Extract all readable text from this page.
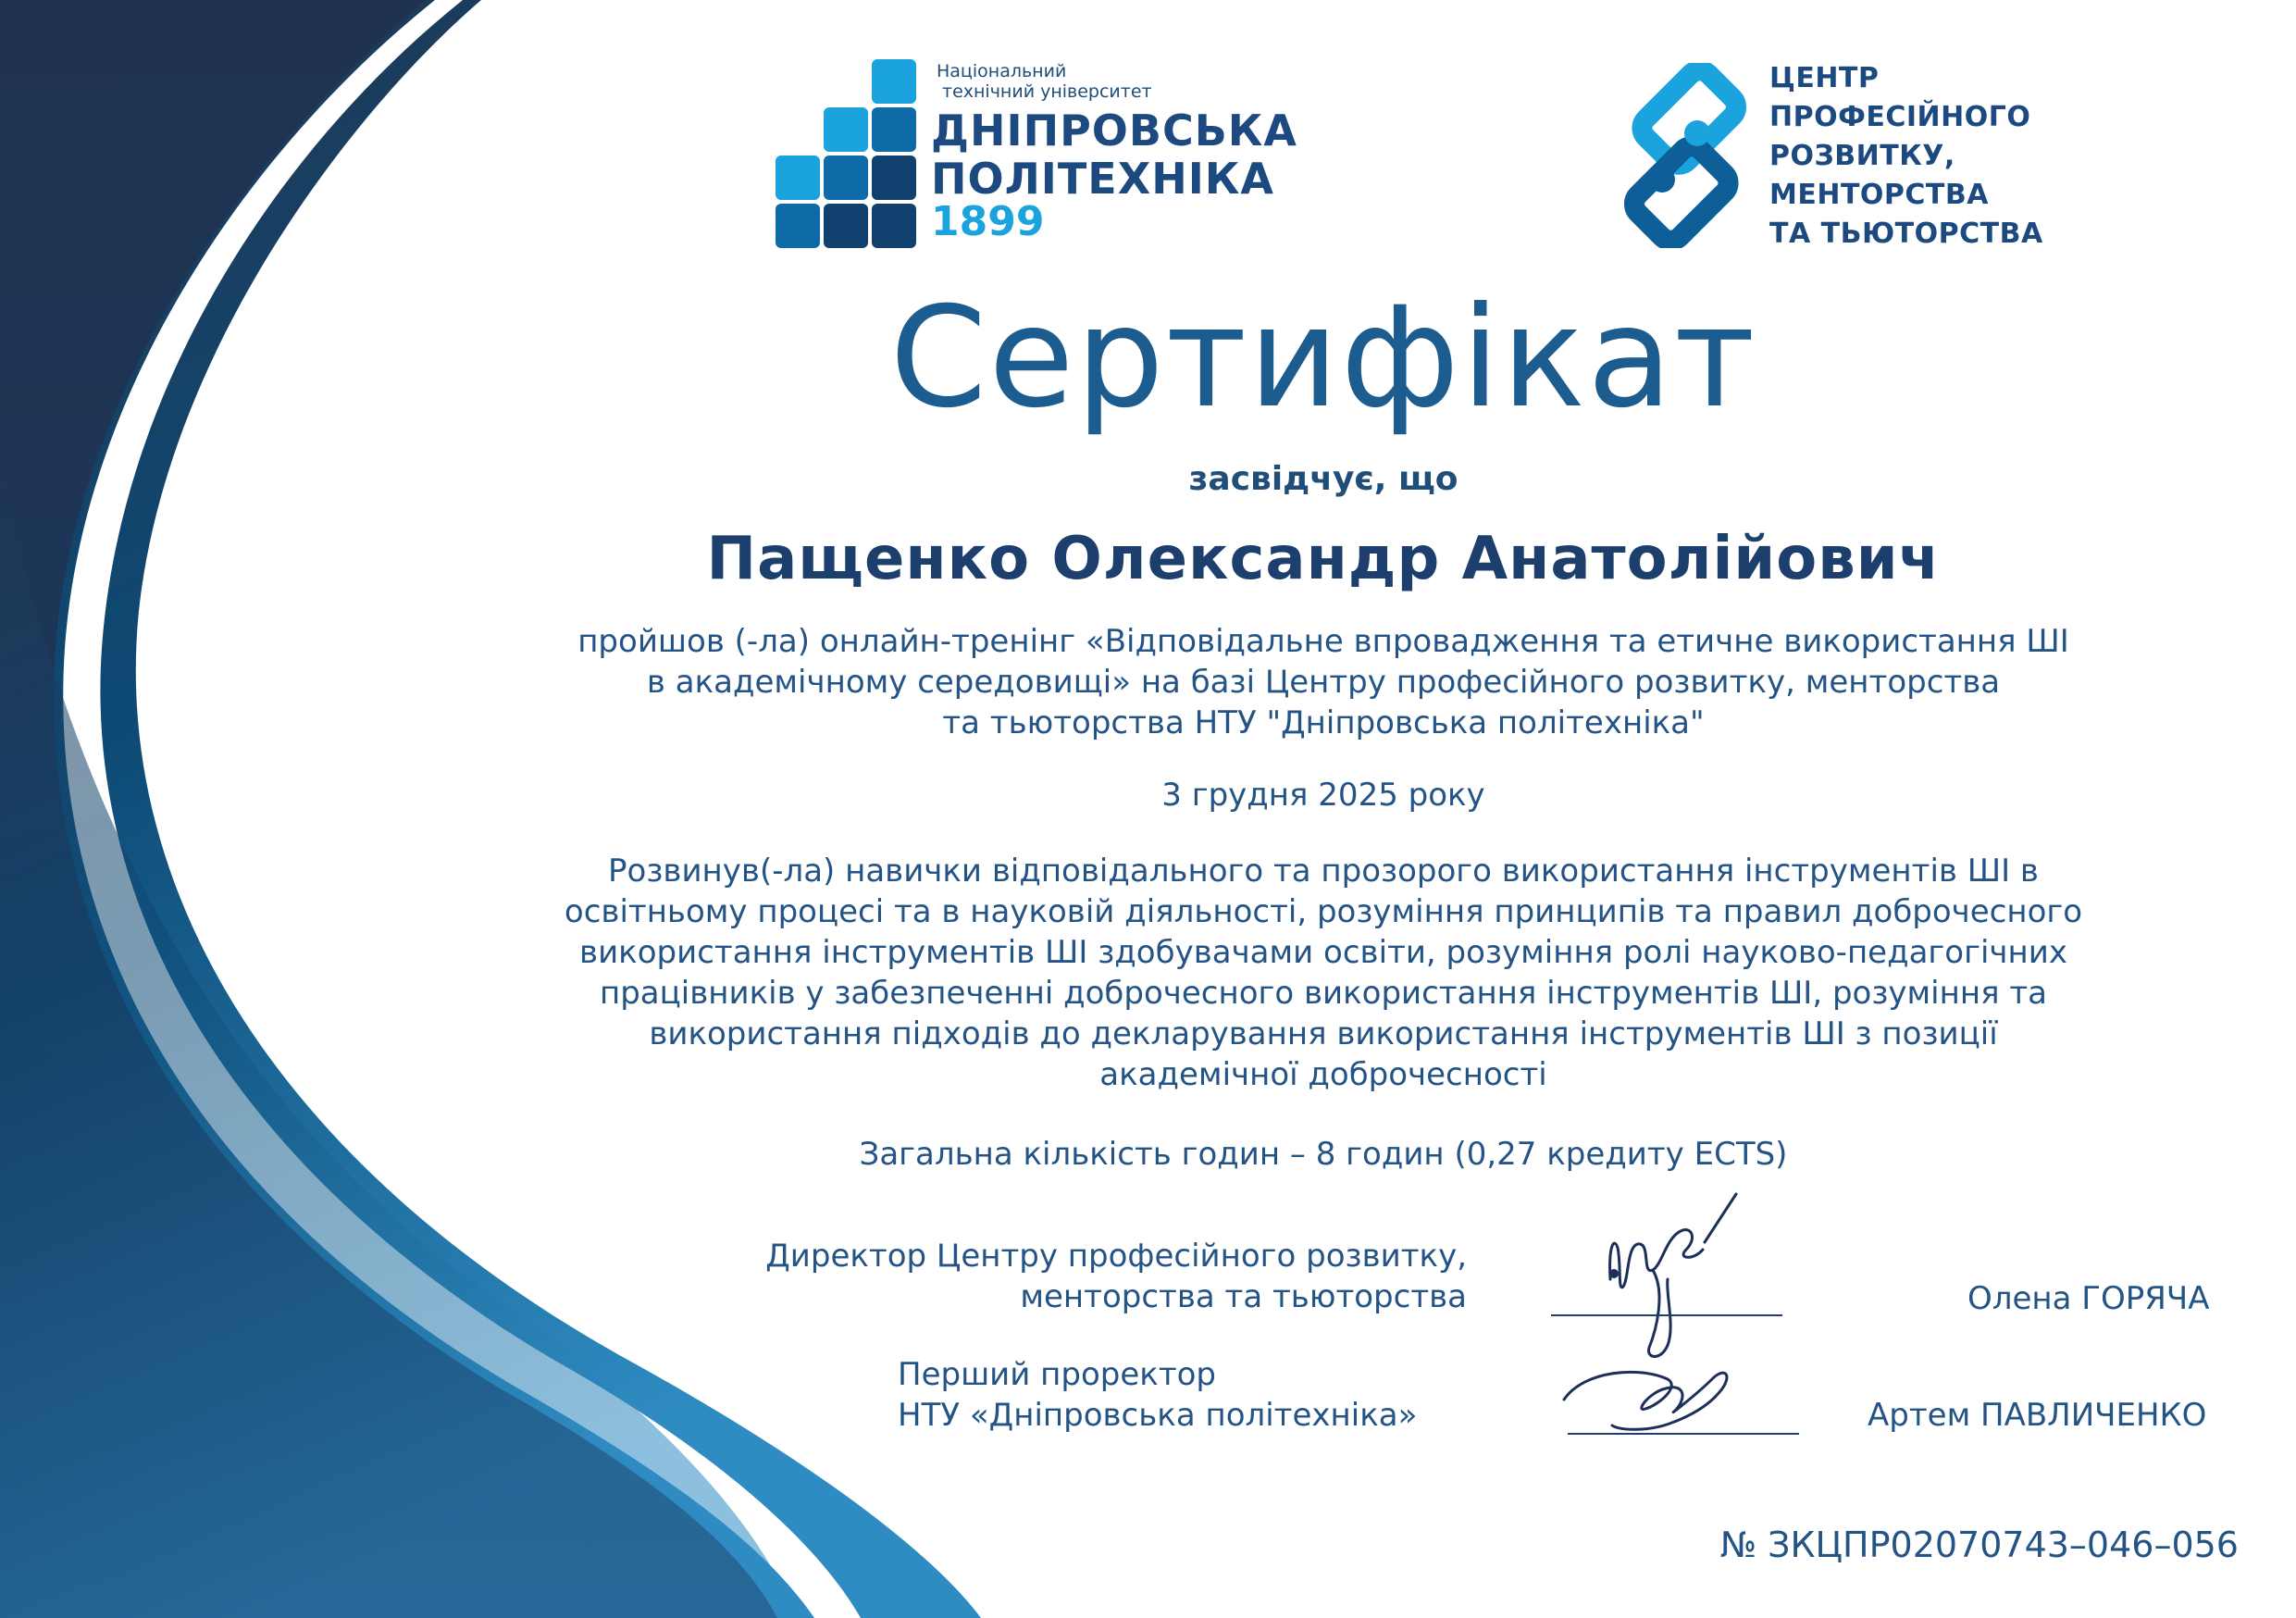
Національний
технічний університет
ДНІПРОВСЬКА
ПОЛІТЕХНІКА
1899
ЦЕНТР
ПРОФЕСІЙНОГО
РОЗВИТКУ,
МЕНТОРСТВА
ТА ТЬЮТОРСТВА
Сертифікат
засвідчує, що
Пащенко Олександр Анатолійович
пройшов (-ла) онлайн-тренінг «Відповідальне впровадження та етичне використання ШІ
в академічному середовищі» на базі Центру професійного розвитку, менторства
та тьюторства НТУ "Дніпровська політехніка"
3 грудня 2025 року
Розвинув(-ла) навички відповідального та прозорого використання інструментів ШІ в
освітньому процесі та в науковій діяльності, розуміння принципів та правил доброчесного
використання інструментів ШІ здобувачами освіти, розуміння ролі науково-педагогічних
працівників у забезпеченні доброчесного використання інструментів ШІ, розуміння та
використання підходів до декларування використання інструментів ШІ з позиції
академічної доброчесності
Загальна кількість годин – 8 годин (0,27 кредиту ECTS)
Директор Центру професійного розвитку,
менторства та тьюторства	Олена ГОРЯЧА
Перший проректор
НТУ «Дніпровська політехніка»	Артем ПАВЛИЧЕНКО
№ ЗКЦПР02070743–046–056
